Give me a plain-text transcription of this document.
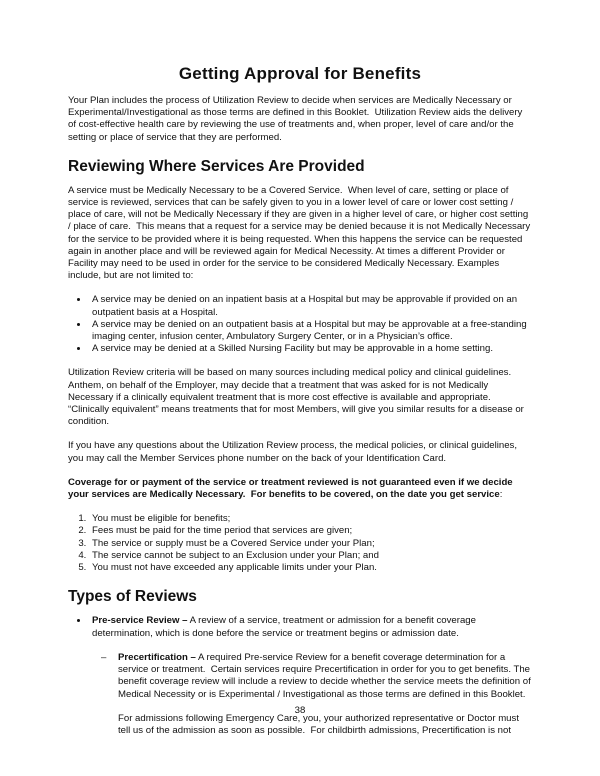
Getting Approval for Benefits

Your Plan includes the process of Utilization Review to decide when services are Medically Necessary or Experimental/Investigational as those terms are defined in this Booklet.  Utilization Review aids the delivery of cost-effective health care by reviewing the use of treatments and, when proper, level of care and/or the setting or place of service that they are performed.

Reviewing Where Services Are Provided

A service must be Medically Necessary to be a Covered Service.  When level of care, setting or place of service is reviewed, services that can be safely given to you in a lower level of care or lower cost setting / place of care, will not be Medically Necessary if they are given in a higher level of care, or higher cost setting / place of care.  This means that a request for a service may be denied because it is not Medically Necessary for the service to be provided where it is being requested. When this happens the service can be requested again in another place and will be reviewed again for Medical Necessity. At times a different Provider or Facility may need to be used in order for the service to be considered Medically Necessary. Examples include, but are not limited to:

• A service may be denied on an inpatient basis at a Hospital but may be approvable if provided on an outpatient basis at a Hospital.
• A service may be denied on an outpatient basis at a Hospital but may be approvable at a free-standing imaging center, infusion center, Ambulatory Surgery Center, or in a Physician’s office.
• A service may be denied at a Skilled Nursing Facility but may be approvable in a home setting.

Utilization Review criteria will be based on many sources including medical policy and clinical guidelines. Anthem, on behalf of the Employer, may decide that a treatment that was asked for is not Medically Necessary if a clinically equivalent treatment that is more cost effective is available and appropriate. “Clinically equivalent” means treatments that for most Members, will give you similar results for a disease or condition.

If you have any questions about the Utilization Review process, the medical policies, or clinical guidelines, you may call the Member Services phone number on the back of your Identification Card.

Coverage for or payment of the service or treatment reviewed is not guaranteed even if we decide your services are Medically Necessary.  For benefits to be covered, on the date you get service:

1. You must be eligible for benefits;
2. Fees must be paid for the time period that services are given;
3. The service or supply must be a Covered Service under your Plan;
4. The service cannot be subject to an Exclusion under your Plan; and
5. You must not have exceeded any applicable limits under your Plan.
Types of Reviews
• Pre-service Review – A review of a service, treatment or admission for a benefit coverage determination, which is done before the service or treatment begins or admission date.
–	Precertification – A required Pre-service Review for a benefit coverage determination for a service or treatment.  Certain services require Precertification in order for you to get benefits. The benefit coverage review will include a review to decide whether the service meets the definition of Medical Necessity or is Experimental / Investigational as those terms are defined in this Booklet.

For admissions following Emergency Care, you, your authorized representative or Doctor must tell us of the admission as soon as possible.  For childbirth admissions, Precertification is not

38
